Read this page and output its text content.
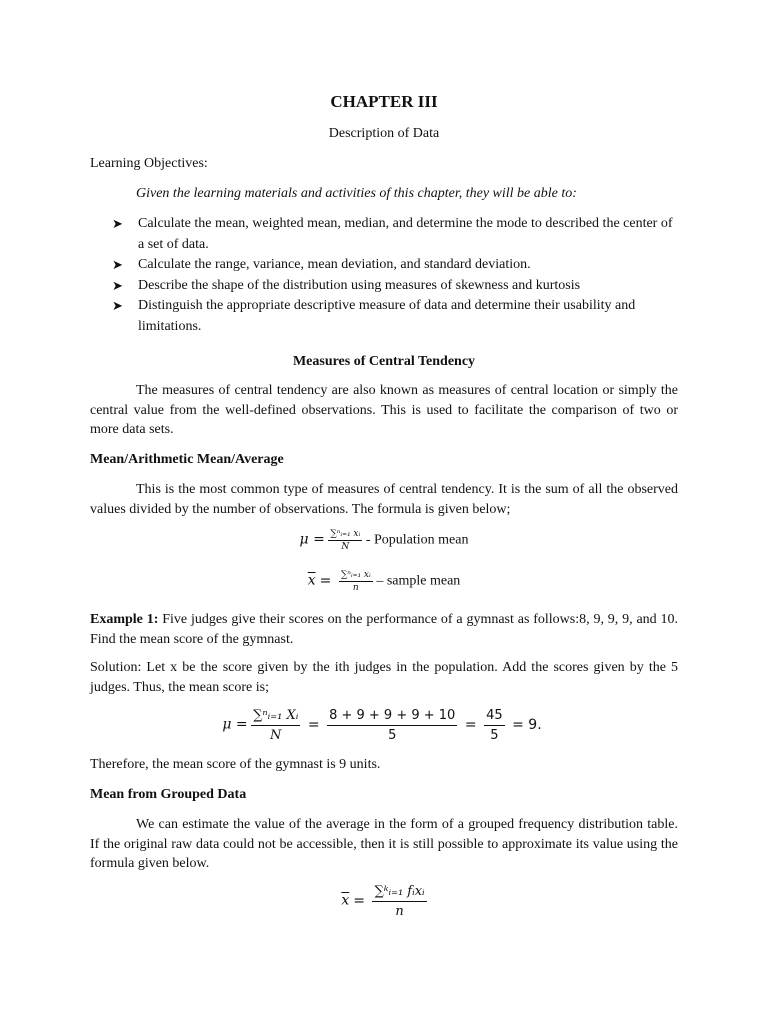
CHAPTER III
Description of Data
Learning Objectives:
Given the learning materials and activities of this chapter, they will be able to:
➤ Calculate the mean, weighted mean, median, and determine the mode to described the center of a set of data.
➤ Calculate the range, variance, mean deviation, and standard deviation.
➤ Describe the shape of the distribution using measures of skewness and kurtosis
➤ Distinguish the appropriate descriptive measure of data and determine their usability and limitations.
Measures of Central Tendency
The measures of central tendency are also known as measures of central location or simply the central value from the well-defined observations. This is used to facilitate the comparison of two or more data sets.
Mean/Arithmetic Mean/Average
This is the most common type of measures of central tendency. It is the sum of all the observed values divided by the number of observations. The formula is given below;
$\mu = \frac{\text{∑ⁿᵢ₌₁ xᵢ}}{N}$ - Population mean
$\overline{x} = \frac{\text{∑ⁿᵢ₌₁ xᵢ}}{n}$ – sample mean
Example 1: Five judges give their scores on the performance of a gymnast as follows:8, 9, 9, 9, and 10. Find the mean score of the gymnast.
Solution: Let x be the score given by the ith judges in the population. Add the scores given by the 5 judges. Thus, the mean score is;
$\mu = \frac{\text{∑ⁿᵢ₌₁ Xᵢ}}{N} = \frac{8 + 9 + 9 + 9 + 10}{5} = \frac{45}{5} = 9$.
Therefore, the mean score of the gymnast is 9 units.
Mean from Grouped Data
We can estimate the value of the average in the form of a grouped frequency distribution table. If the original raw data could not be accessible, then it is still possible to approximate its value using the formula given below.
$\overline{x} = \frac{\text{∑ᵏᵢ₌₁ fᵢxᵢ}}{n}$
